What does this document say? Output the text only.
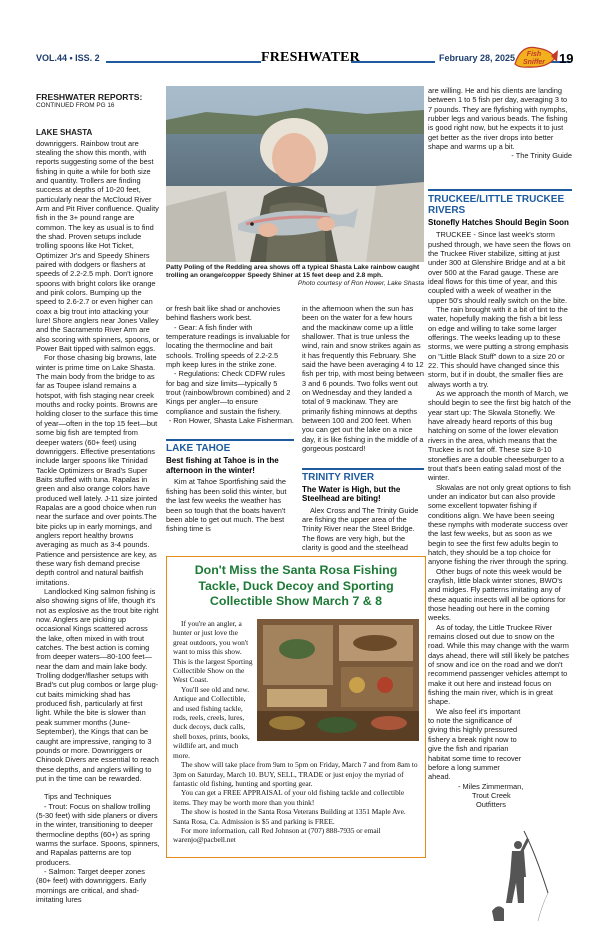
VOL.44 • ISS. 2	FRESHWATER	February 28, 2025	Fish
Sniffer 19
FRESHWATER REPORTS:
CONTINUED FROM PG 16
LAKE SHASTA

downriggers. Rainbow trout are stealing the show this month, with reports suggesting some of the best fishing in quite a while for both size and quantity. Trollers are finding success at depths of 10-20 feet, particularly near the McCloud River Arm and Pit River confluence. Quality fish in the 3+ pound range are common. The key as usual is to find the shad. Proven setups include trolling spoons like Hot Ticket, Optimizer Jr's and Speedy Shiners paired with dodgers or flashers at speeds of 2.2-2.5 mph. Don't ignore spoons with bright colors like orange and pink colors. Bumping up the speed to 2.6-2.7 or even higher can coax a big trout into attacking your lure! Shore anglers near Jones Valley and the Sacramento River Arm are also scoring with spinners, spoons, or Power Bait tipped with salmon eggs.

For those chasing big browns, late winter is prime time on Lake Shasta. The main body from the bridge to as far as Toupee island remains a hotspot, with fish staging near creek mouths and rocky points. Browns are holding closer to the surface this time of year—often in the top 15 feet—but some big fish are tempted from deeper waters (60+ feet) using downriggers. Effective presentations include larger spoons like Trinidad Tackle Optimizers or Brad's Super Baits stuffed with tuna. Rapalas in green and also orange colors have produced well lately. J-11 size jointed Rapalas are a good choice when run near the surface and over points.The bite picks up in early mornings, and anglers report healthy browns averaging as much as 3-4 pounds. Patience and persistence are key, as these wary fish demand precise depth control and natural baitfish imitations.

Landlocked King salmon fishing is also showing signs of life, though it's not as explosive as the trout bite right now. Anglers are picking up occasional Kings scattered across the lake, often mixed in with trout catches. The best action is coming from deeper waters—80-100 feet—near the dam and main lake body. Trolling dodger/flasher setups with Brad's cut plug combos or large plug-cut baits mimicking shad has produced fish, particularly at first light. While the bite is slower than peak summer months (June-September), the Kings that can be caught are impressive, ranging to 3 pounds or more. Downriggers or Chinook Divers are essential to reach these depths, and anglers willing to put in the time can be rewarded.

Tips and Techniques

- Trout: Focus on shallow trolling (5-30 feet) with side planers or divers in the winter, transitioning to deeper thermocline depths (60+) as spring warms the surface. Spoons, spinners, and Rapalas patterns are top producers.

- Salmon: Target deeper zones (80+ feet) with downriggers. Early mornings are critical, and shad-imitating lures

Patty Poling of the Redding area shows off a typical Shasta Lake rainbow caught trolling an orange/copper Speedy Shiner at 15 feet deep and 2.8 mph.
Photo courtesy of Ron Hower, Lake Shasta

or fresh bait like shad or anchovies behind flashers work best.

- Gear: A fish finder with temperature readings is invaluable for locating the thermocline and bait schools. Trolling speeds of 2.2-2.5 mph keep lures in the strike zone.

- Regulations: Check CDFW rules for bag and size limits—typically 5 trout (rainbow/brown combined) and 2 Kings per angler—to ensure compliance and sustain the fishery.

- Ron Hower, Shasta Lake Fisherman.

LAKE TAHOE
Best fishing at Tahoe is in the afternoon in the winter!

Kim at Tahoe Sportfishing said the fishing has been solid this winter, but the last few weeks the weather has been so tough that the boats haven't been able to get out much. The best fishing time is

in the afternoon when the sun has been on the water for a few hours and the mackinaw come up a little shallower. That is true unless the wind, rain and snow strikes again as it has frequently this February. She said the have been averaging 4 to 12 fish per trip, with most being between 3 and 6 pounds. Two folks went out on Wednesday and they landed a total of 9 mackinaw. They are primarily fishing minnows at depths between 100 and 200 feet. When you can get out the lake on a nice day, it is like fishing in the middle of a gorgeous postcard!

TRINITY RIVER
The Water is High, but the Steelhead are biting!

Alex Cross and The Trinity Guide are fishing the upper area of the Trinity River near the Steel Bridge. The flows are very high, but the clarity is good and the steelhead

are willing. He and his clients are landing between 1 to 5 fish per day, averaging 3 to 7 pounds. They are flyfishing with nymphs, rubber legs and various beads. The fishing is good right now, but he expects it to just get better as the river drops into better shape and warms up a bit.

- The Trinity Guide

TRUCKEE/LITTLE TRUCKEE RIVERS
Stonefly Hatches Should Begin Soon

TRUCKEE - Since last week's storm pushed through, we have seen the flows on the Truckee River stabilize, sitting at just under 300 at Glenshire Bridge and at a bit over 500 at the Farad gauge. These are ideal flows for this time of year, and this coupled with a week of weather in the upper 50's should really switch on the bite.

The rain brought with it a bit of tint to the water, hopefully making the fish a bit less on edge and willing to take some larger offerings. The weeks leading up to these storms, we were putting a strong emphasis on "Little Black Stuff" down to a size 20 or 22. This should have changed since this storm, but if in doubt, the smaller flies are always worth a try.

As we approach the month of March, we should begin to see the first big hatch of the year start up: The Skwala Stonefly. We have already heard reports of this bug hatching on some of the lower elevation rivers in the area, which means that the Truckee is not far off. These size 8-10 stoneflies are a double cheeseburger to a trout that's been eating salad most of the winter.

Skwalas are not only great options to fish under an indicator but can also provide some excellent topwater fishing if conditions align. We have been seeing these nymphs with moderate success over the last few weeks, but as soon as we begin to see the first few adults begin to hatch, they should be a top choice for anyone fishing the river through the spring.

Other bugs of note this week would be crayfish, little black winter stones, BWO's and midges. Fly patterns imitating any of these aquatic insects will all be options for those heading out here in the coming weeks.

As of today, the Little Truckee River remains closed out due to snow on the road. While this may change with the warm days ahead, there will still likely be patches of snow and ice on the road and we don't recommend passenger vehicles attempt to make it out here and instead focus on fishing the main river, which is in great shape.

We also feel it's important to note the significance of giving this highly pressured fishery a break right now to give the fish and riparian habitat some time to recover before a long summer ahead.

- Miles Zimmerman,

Trout Creek

Outfitters

Don't Miss the Santa Rosa Fishing Tackle, Duck Decoy and Sporting Collectible Show March 7 & 8

If you're an angler, a hunter or just love the great outdoors, you won't want to miss this show. This is the largest Sporting Collectible Show on the West Coast.

You'll see old and new. Antique and Collectible, and used fishing tackle, rods, reels, creels, lures, duck decoys, duck calls, shell boxes, prints, books, wildlife art, and much more.

The show will take place from 9am to 5pm on Friday, March 7 and from 8am to 3pm on Saturday, March 10. BUY, SELL, TRADE or just enjoy the myriad of fantastic old fishing, hunting and sporting gear.

You can get a FREE APPRAISAL of your old fishing tackle and collectible items. They may be worth more than you think!

The show is hosted in the Santa Rosa Veterans Building at 1351 Maple Ave. Santa Rosa, Ca. Admission is $5 and parking is FREE.

For more information, call Red Johnson at (707) 888-7935 or email warenjo@pacbell.net
